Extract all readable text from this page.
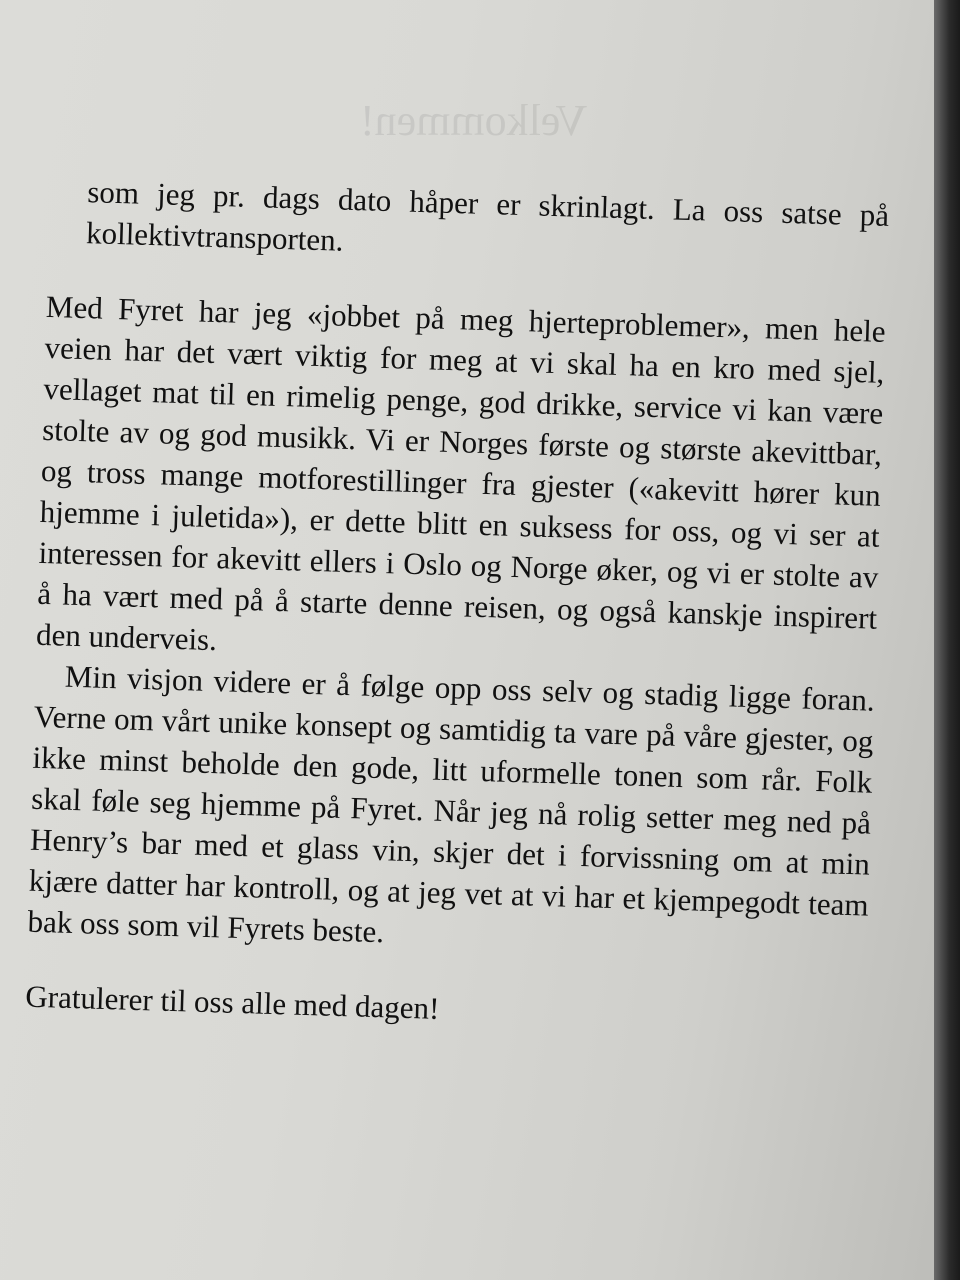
Velkommen!

som jeg pr. dags dato håper er skrinlagt. La oss satse på kollektivtransporten.

Med Fyret har jeg «jobbet på meg hjerteproblemer», men hele veien har det vært viktig for meg at vi skal ha en kro med sjel, vellaget mat til en rimelig penge, god drikke, service vi kan være stolte av og god musikk. Vi er Norges første og største akevittbar, og tross mange motforestillinger fra gjester («akevitt hører kun hjemme i juletida»), er dette blitt en suksess for oss, og vi ser at interessen for akevitt ellers i Oslo og Norge øker, og vi er stolte av å ha vært med på å starte denne reisen, og også kanskje inspirert den underveis.

Min visjon videre er å følge opp oss selv og stadig ligge foran. Verne om vårt unike konsept og samtidig ta vare på våre gjester, og ikke minst beholde den gode, litt uformelle tonen som rår. Folk skal føle seg hjemme på Fyret. Når jeg nå rolig setter meg ned på Henry’s bar med et glass vin, skjer det i forvissning om at min kjære datter har kontroll, og at jeg vet at vi har et kjempegodt team bak oss som vil Fyrets beste.

Gratulerer til oss alle med dagen!
